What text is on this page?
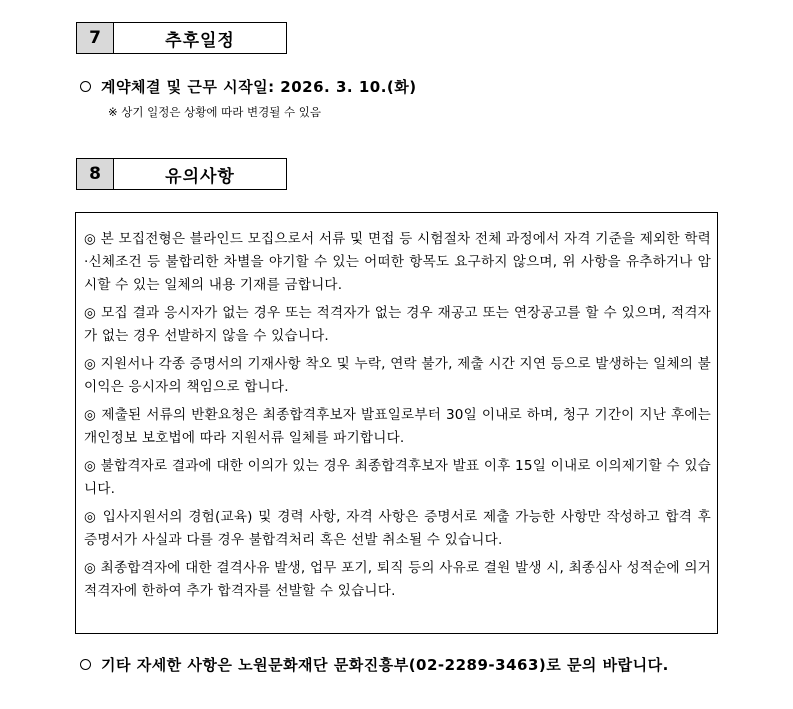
7	추후일정
계약체결 및 근무 시작일: 2026. 3. 10.(화)
※ 상기 일정은 상황에 따라 변경될 수 있음
8	유의사항
◎ 본 모집전형은 블라인드 모집으로서 서류 및 면접 등 시험절차 전체 과정에서 자격 기준을 제외한 학력·신체조건 등 불합리한 차별을 야기할 수 있는 어떠한 항목도 요구하지 않으며, 위 사항을 유추하거나 암시할 수 있는 일체의 내용 기재를 금합니다.
◎ 모집 결과 응시자가 없는 경우 또는 적격자가 없는 경우 재공고 또는 연장공고를 할 수 있으며, 적격자가 없는 경우 선발하지 않을 수 있습니다.
◎ 지원서나 각종 증명서의 기재사항 착오 및 누락, 연락 불가, 제출 시간 지연 등으로 발생하는 일체의 불이익은 응시자의 책임으로 합니다.
◎ 제출된 서류의 반환요청은 최종합격후보자 발표일로부터 30일 이내로 하며, 청구 기간이 지난 후에는 개인정보 보호법에 따라 지원서류 일체를 파기합니다.
◎ 불합격자로 결과에 대한 이의가 있는 경우 최종합격후보자 발표 이후 15일 이내로 이의제기할 수 있습니다.
◎ 입사지원서의 경험(교육) 및 경력 사항, 자격 사항은 증명서로 제출 가능한 사항만 작성하고 합격 후 증명서가 사실과 다를 경우 불합격처리 혹은 선발 취소될 수 있습니다.
◎ 최종합격자에 대한 결격사유 발생, 업무 포기, 퇴직 등의 사유로 결원 발생 시, 최종심사 성적순에 의거 적격자에 한하여 추가 합격자를 선발할 수 있습니다.
기타 자세한 사항은 노원문화재단 문화진흥부(02-2289-3463)로 문의 바랍니다.
